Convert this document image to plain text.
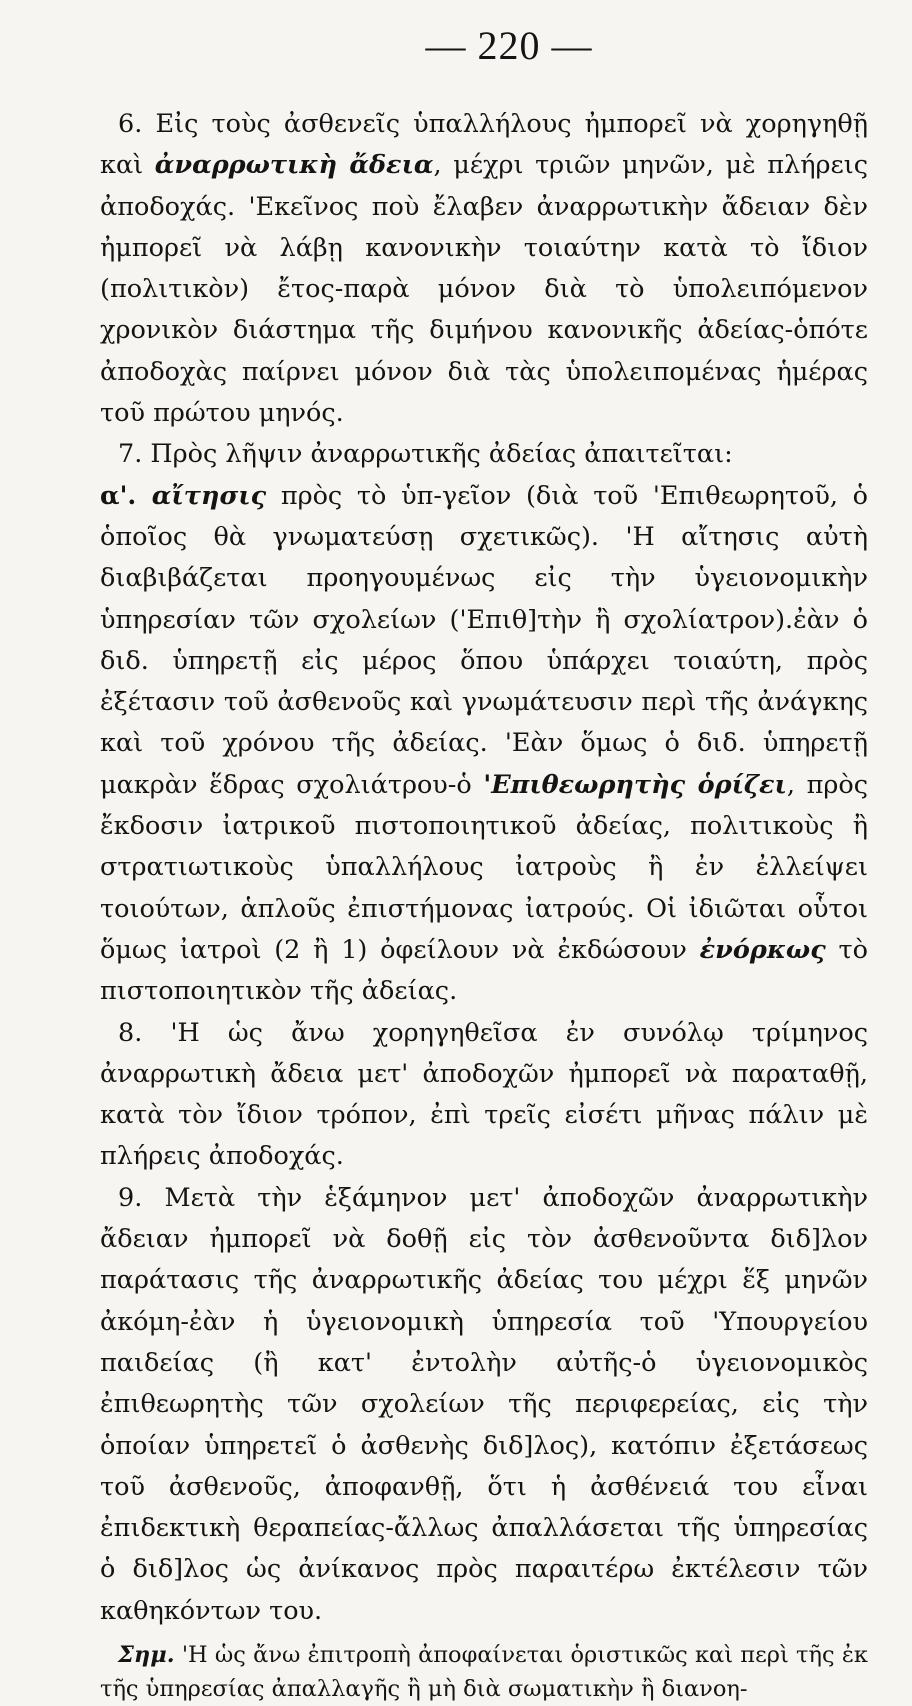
— 220 —

6. Εἰς τοὺς ἀσθενεῖς ὑπαλλήλους ἠμπορεῖ νὰ χορηγηθῇ καὶ ἀναρρωτικὴ ἄδεια, μέχρι τριῶν μηνῶν, μὲ πλήρεις ἀποδοχάς. 'Εκεῖνος ποὺ ἔλαβεν ἀναρρωτικὴν ἄδειαν δὲν ἠμπορεῖ νὰ λάβῃ κανονικὴν τοιαύτην κατὰ τὸ ἴδιον (πολιτικὸν) ἔτος-παρὰ μόνον διὰ τὸ ὑπολειπόμενον χρονικὸν διάστημα τῆς διμήνου κανονικῆς ἀδείας-ὁπότε ἀποδοχὰς παίρνει μόνον διὰ τὰς ὑπολειπομένας ἡμέρας τοῦ πρώτου μηνός.

7. Πρὸς λῆψιν ἀναρρωτικῆς ἀδείας ἀπαιτεῖται:

α'. αἴτησις πρὸς τὸ ὑπ-γεῖον (διὰ τοῦ 'Επιθεωρητοῦ, ὁ ὁποῖος θὰ γνωματεύσῃ σχετικῶς). 'Η αἴτησις αὐτὴ διαβιβάζεται προηγουμένως εἰς τὴν ὑγειονομικὴν ὑπηρεσίαν τῶν σχολείων ('Επιθ]τὴν ἢ σχολίατρον).ἐὰν ὁ διδ. ὑπηρετῇ εἰς μέρος ὅπου ὑπάρχει τοιαύτη, πρὸς ἐξέτασιν τοῦ ἀσθενοῦς καὶ γνωμάτευσιν περὶ τῆς ἀνάγκης καὶ τοῦ χρόνου τῆς ἀδείας. 'Εὰν ὅμως ὁ διδ. ὑπηρετῇ μακρὰν ἕδρας σχολιάτρου-ὁ 'Επιθεωρητὴς ὁρίζει, πρὸς ἔκδοσιν ἰατρικοῦ πιστοποιητικοῦ ἀδείας, πολιτικοὺς ἢ στρατιωτικοὺς ὑπαλλήλους ἰατροὺς ἢ ἐν ἐλλείψει τοιούτων, ἁπλοῦς ἐπιστήμονας ἰατρούς. Οἱ ἰδιῶται οὗτοι ὅμως ἰατροὶ (2 ἢ 1) ὀφείλουν νὰ ἐκδώσουν ἐνόρκως τὸ πιστοποιητικὸν τῆς ἀδείας.

8. 'Η ὡς ἄνω χορηγηθεῖσα ἐν συνόλῳ τρίμηνος ἀναρρωτικὴ ἄδεια μετ' ἀποδοχῶν ἠμπορεῖ νὰ παραταθῇ, κατὰ τὸν ἴδιον τρόπον, ἐπὶ τρεῖς εἰσέτι μῆνας πάλιν μὲ πλήρεις ἀποδοχάς.

9. Μετὰ τὴν ἑξάμηνον μετ' ἀποδοχῶν ἀναρρωτικὴν ἄδειαν ἠμπορεῖ νὰ δοθῇ εἰς τὸν ἀσθενοῦντα διδ]λον παράτασις τῆς ἀναρρωτικῆς ἀδείας του μέχρι ἕξ μηνῶν ἀκόμη-ἐὰν ἡ ὑγειονομικὴ ὑπηρεσία τοῦ 'Υπουργείου παιδείας (ἢ κατ' ἐντολὴν αὐτῆς-ὁ ὑγειονομικὸς ἐπιθεωρητὴς τῶν σχολείων τῆς περιφερείας, εἰς τὴν ὁποίαν ὑπηρετεῖ ὁ ἀσθενὴς διδ]λος), κατόπιν ἐξετάσεως τοῦ ἀσθενοῦς, ἀποφανθῇ, ὅτι ἡ ἀσθένειά του εἶναι ἐπιδεκτικὴ θεραπείας-ἄλλως ἀπαλλάσεται τῆς ὑπηρεσίας ὁ διδ]λος ὡς ἀνίκανος πρὸς παραιτέρω ἐκτέλεσιν τῶν καθηκόντων του.

Σημ. 'Η ὡς ἄνω ἐπιτροπὴ ἀποφαίνεται ὁριστικῶς καὶ περὶ τῆς ἐκ τῆς ὑπηρεσίας ἀπαλλαγῆς ἢ μὴ διὰ σωματικὴν ἢ διανοη-
